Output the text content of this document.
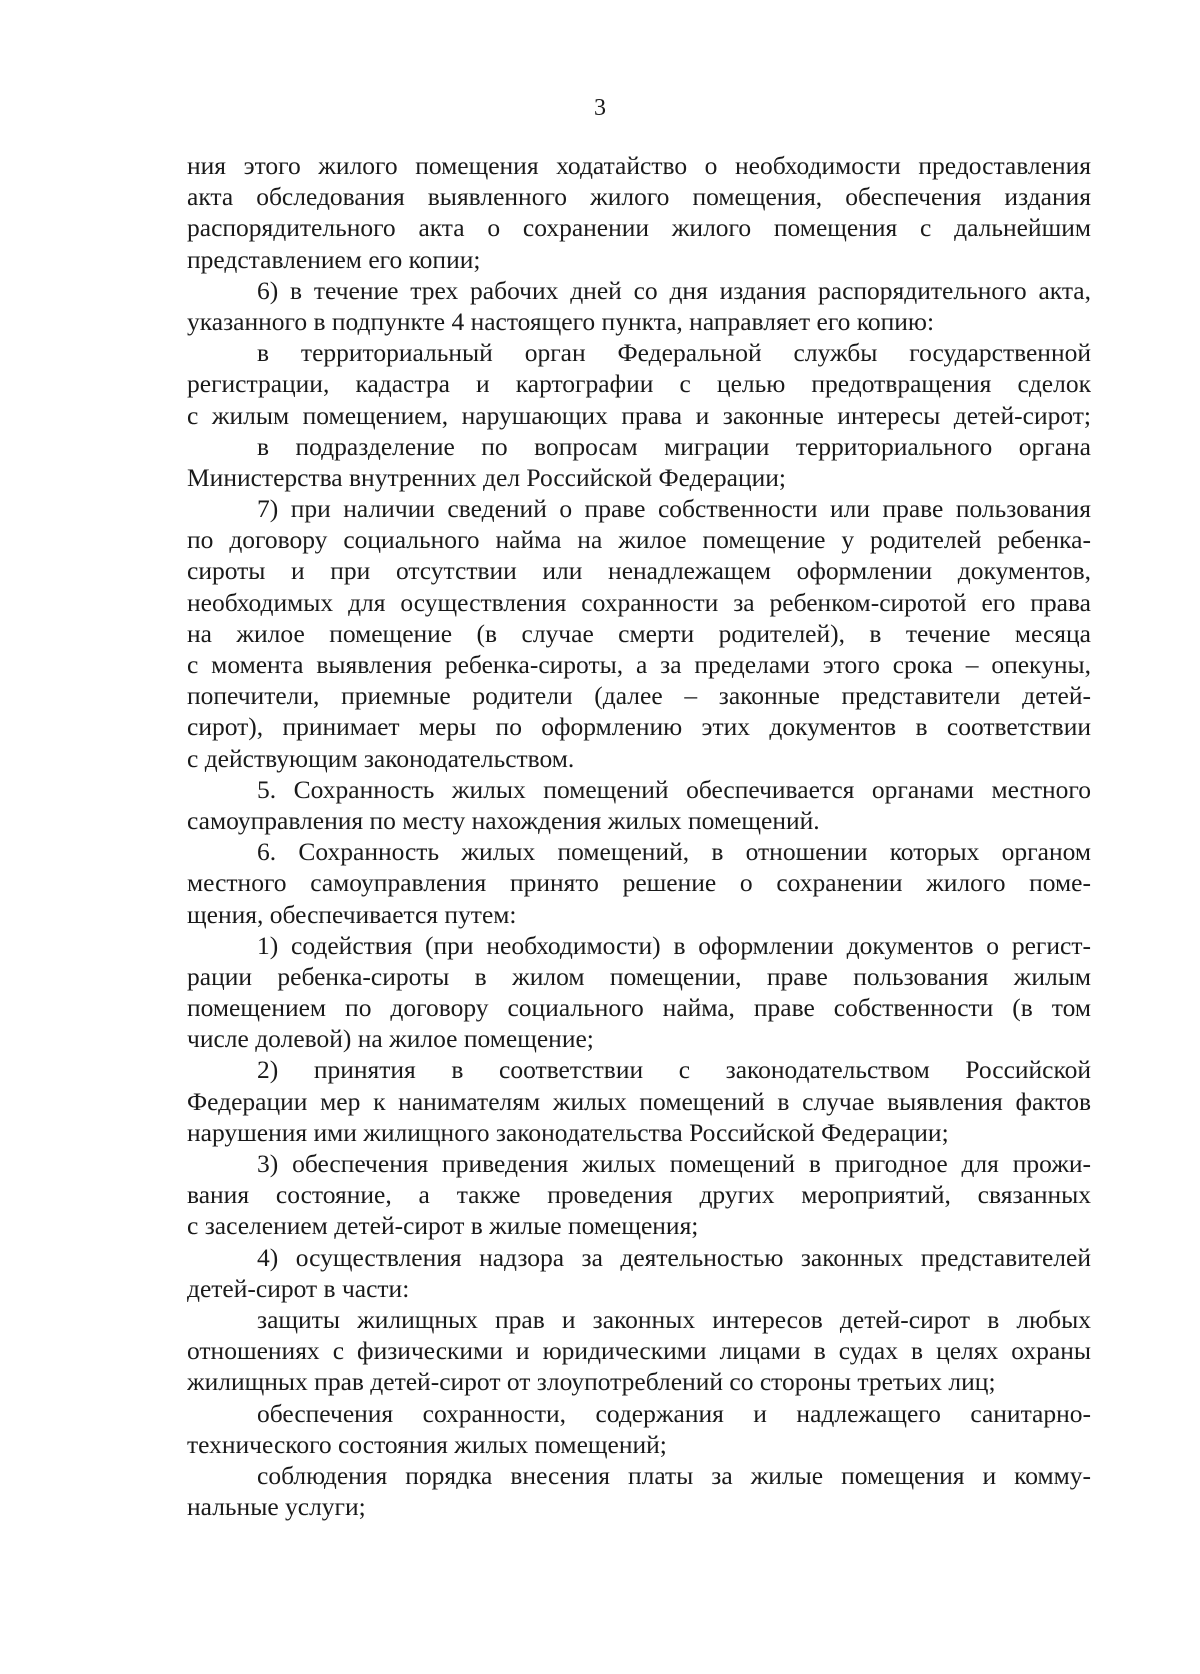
3
ния этого жилого помещения ходатайство о необходимости предоставления
акта обследования выявленного жилого помещения, обеспечения издания
распорядительного акта о сохранении жилого помещения с дальнейшим
представлением его копии;
6) в течение трех рабочих дней со дня издания распорядительного акта,
указанного в подпункте 4 настоящего пункта, направляет его копию:
в территориальный орган Федеральной службы государственной
регистрации, кадастра и картографии с целью предотвращения сделок
с жилым помещением, нарушающих права и законные интересы детей-сирот;
в подразделение по вопросам миграции территориального органа
Министерства внутренних дел Российской Федерации;
7) при наличии сведений о праве собственности или праве пользования
по договору социального найма на жилое помещение у родителей ребенка-
сироты и при отсутствии или ненадлежащем оформлении документов,
необходимых для осуществления сохранности за ребенком-сиротой его права
на жилое помещение (в случае смерти родителей), в течение месяца
с момента выявления ребенка-сироты, а за пределами этого срока – опекуны,
попечители, приемные родители (далее – законные представители детей-
сирот), принимает меры по оформлению этих документов в соответствии
с действующим законодательством.
5. Сохранность жилых помещений обеспечивается органами местного
самоуправления по месту нахождения жилых помещений.
6. Сохранность жилых помещений, в отношении которых органом
местного самоуправления принято решение о сохранении жилого поме-
щения, обеспечивается путем:
1) содействия (при необходимости) в оформлении документов о регист-
рации ребенка-сироты в жилом помещении, праве пользования жилым
помещением по договору социального найма, праве собственности (в том
числе долевой) на жилое помещение;
2) принятия в соответствии с законодательством Российской
Федерации мер к нанимателям жилых помещений в случае выявления фактов
нарушения ими жилищного законодательства Российской Федерации;
3) обеспечения приведения жилых помещений в пригодное для прожи-
вания состояние, а также проведения других мероприятий, связанных
с заселением детей-сирот в жилые помещения;
4) осуществления надзора за деятельностью законных представителей
детей-сирот в части:
защиты жилищных прав и законных интересов детей-сирот в любых
отношениях с физическими и юридическими лицами в судах в целях охраны
жилищных прав детей-сирот от злоупотреблений со стороны третьих лиц;
обеспечения сохранности, содержания и надлежащего санитарно-
технического состояния жилых помещений;
соблюдения порядка внесения платы за жилые помещения и комму-
нальные услуги;
